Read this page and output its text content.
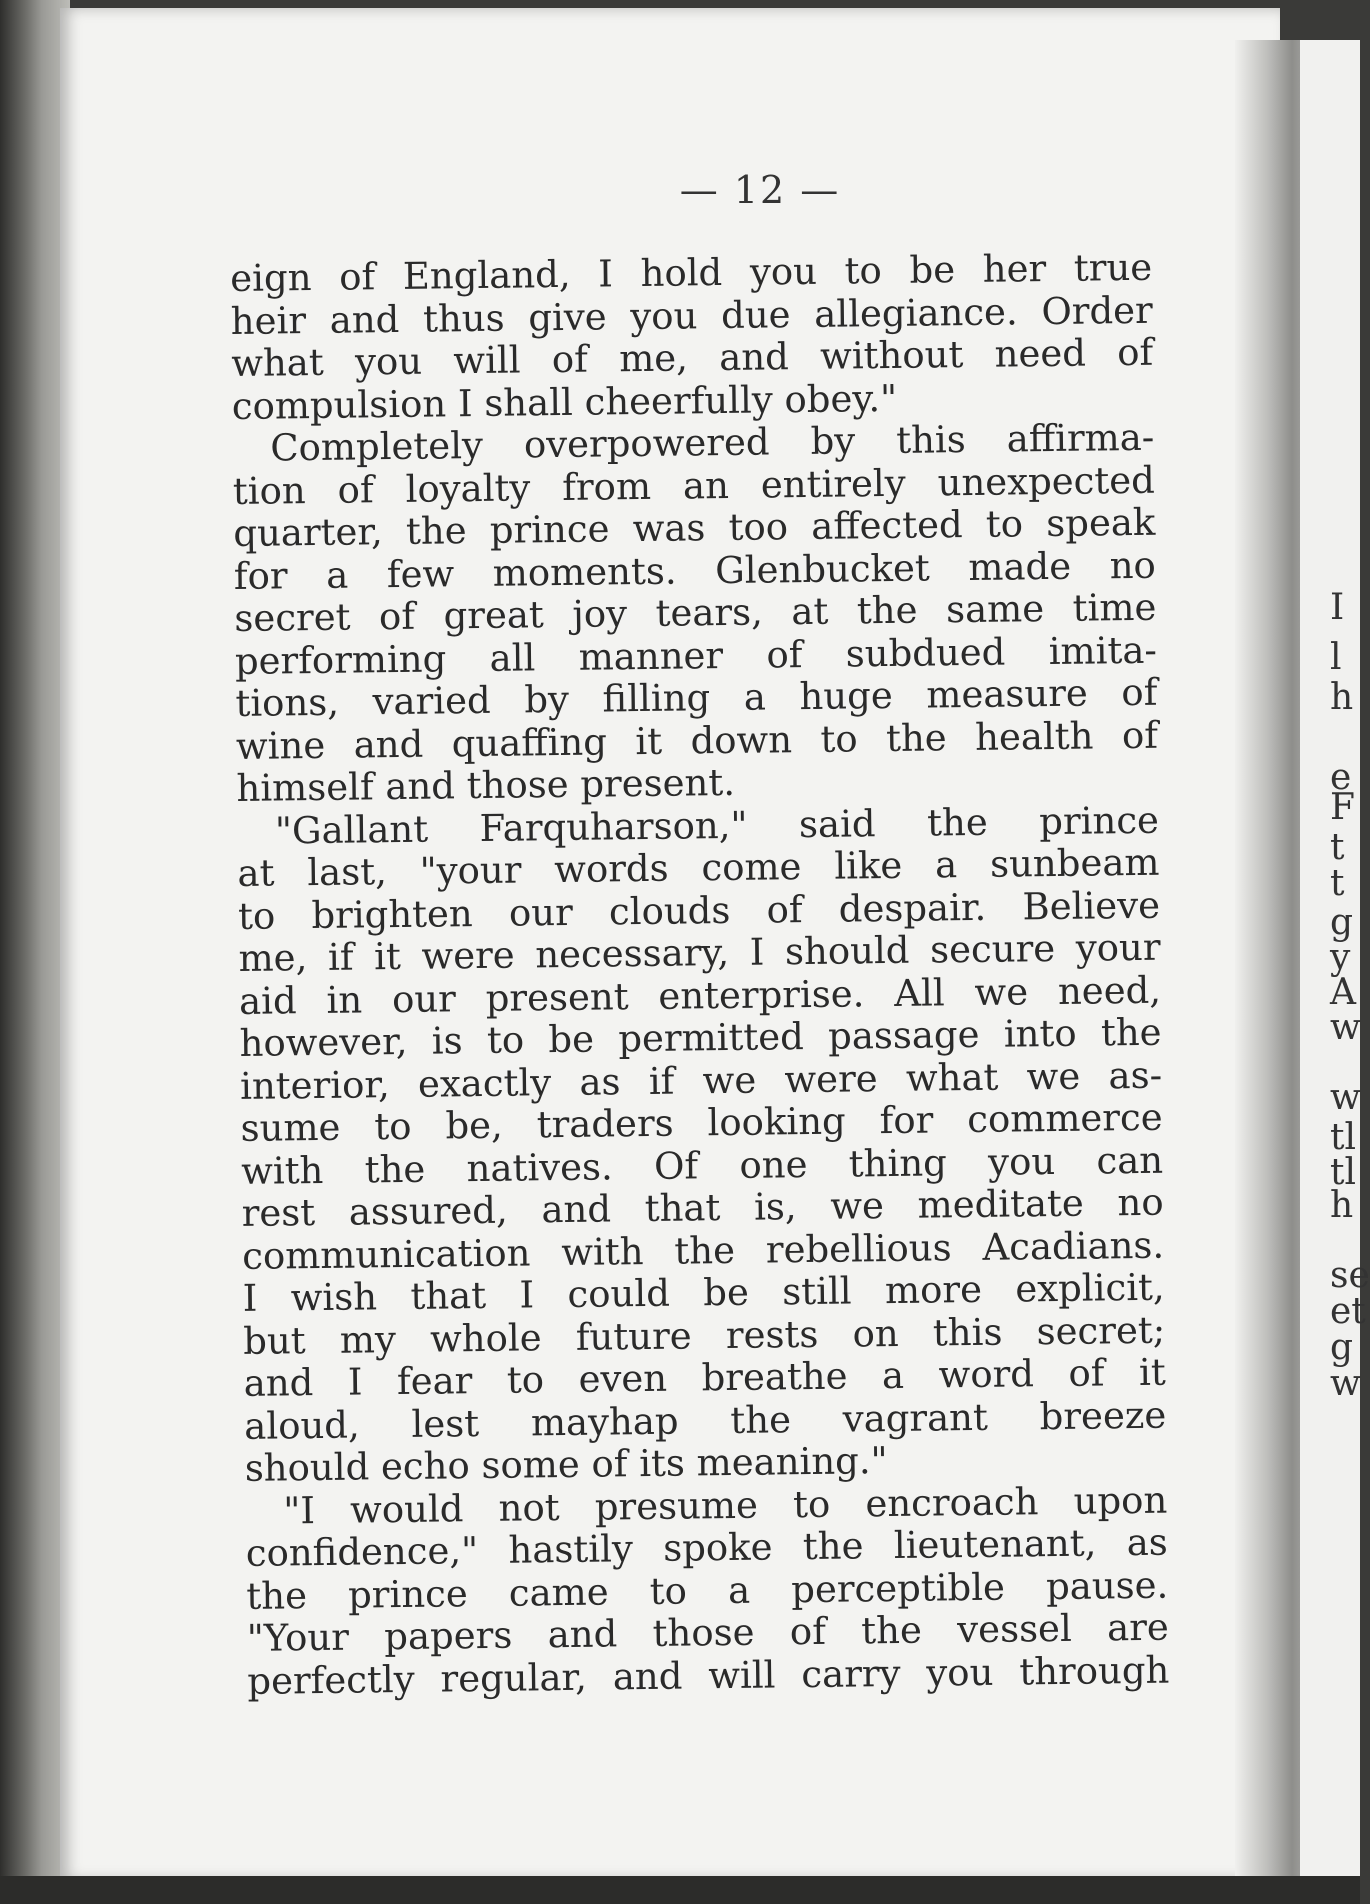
— 12 —
I
l
h
e
F
t
t
g
y
A
w
w
tl
tl
h
se
et
g
w
eign of England, I hold you to be her true
heir and thus give you due allegiance. Order
what you will of me, and without need of
compulsion I shall cheerfully obey."
Completely overpowered by this affirma-
tion of loyalty from an entirely unexpected
quarter, the prince was too affected to speak
for a few moments. Glenbucket made no
secret of great joy tears, at the same time
performing all manner of subdued imita-
tions, varied by filling a huge measure of
wine and quaffing it down to the health of
himself and those present.
"Gallant Farquharson," said the prince
at last, "your words come like a sunbeam
to brighten our clouds of despair. Believe
me, if it were necessary, I should secure your
aid in our present enterprise. All we need,
however, is to be permitted passage into the
interior, exactly as if we were what we as-
sume to be, traders looking for commerce
with the natives. Of one thing you can
rest assured, and that is, we meditate no
communication with the rebellious Acadians.
I wish that I could be still more explicit,
but my whole future rests on this secret;
and I fear to even breathe a word of it
aloud, lest mayhap the vagrant breeze
should echo some of its meaning."
"I would not presume to encroach upon
confidence," hastily spoke the lieutenant, as
the prince came to a perceptible pause.
"Your papers and those of the vessel are
perfectly regular, and will carry you through
